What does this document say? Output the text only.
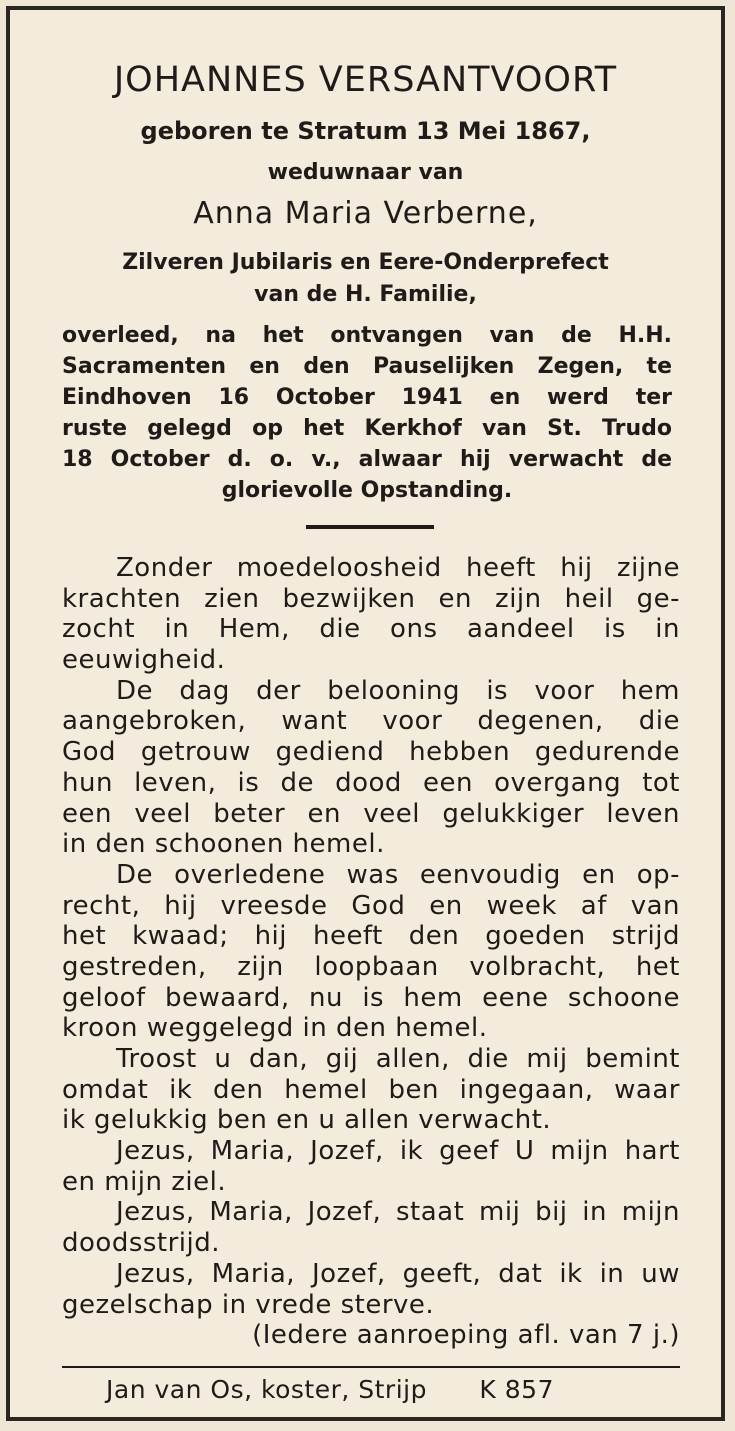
JOHANNES VERSANTVOORT
geboren te Stratum 13 Mei 1867,
weduwnaar van
Anna Maria Verberne,
Zilveren Jubilaris en Eere-Onderprefect
van de H. Familie,
overleed, na het ontvangen van de H.H.
Sacramenten en den Pauselijken Zegen, te
Eindhoven 16 October 1941 en werd ter
ruste gelegd op het Kerkhof van St. Trudo
18 October d. o. v., alwaar hij verwacht de
glorievolle Opstanding.
Zonder moedeloosheid heeft hij zijne
krachten zien bezwijken en zijn heil ge-
zocht in Hem, die ons aandeel is in
eeuwigheid.
De dag der belooning is voor hem
aangebroken, want voor degenen, die
God getrouw gediend hebben gedurende
hun leven, is de dood een overgang tot
een veel beter en veel gelukkiger leven
in den schoonen hemel.
De overledene was eenvoudig en op-
recht, hij vreesde God en week af van
het kwaad; hij heeft den goeden strijd
gestreden, zijn loopbaan volbracht, het
geloof bewaard, nu is hem eene schoone
kroon weggelegd in den hemel.
Troost u dan, gij allen, die mij bemint
omdat ik den hemel ben ingegaan, waar
ik gelukkig ben en u allen verwacht.
Jezus, Maria, Jozef, ik geef U mijn hart
en mijn ziel.
Jezus, Maria, Jozef, staat mij bij in mijn
doodsstrijd.
Jezus, Maria, Jozef, geeft, dat ik in uw
gezelschap in vrede sterve.
(Iedere aanroeping afl. van 7 j.)
Jan van Os, koster, Strijp K 857
